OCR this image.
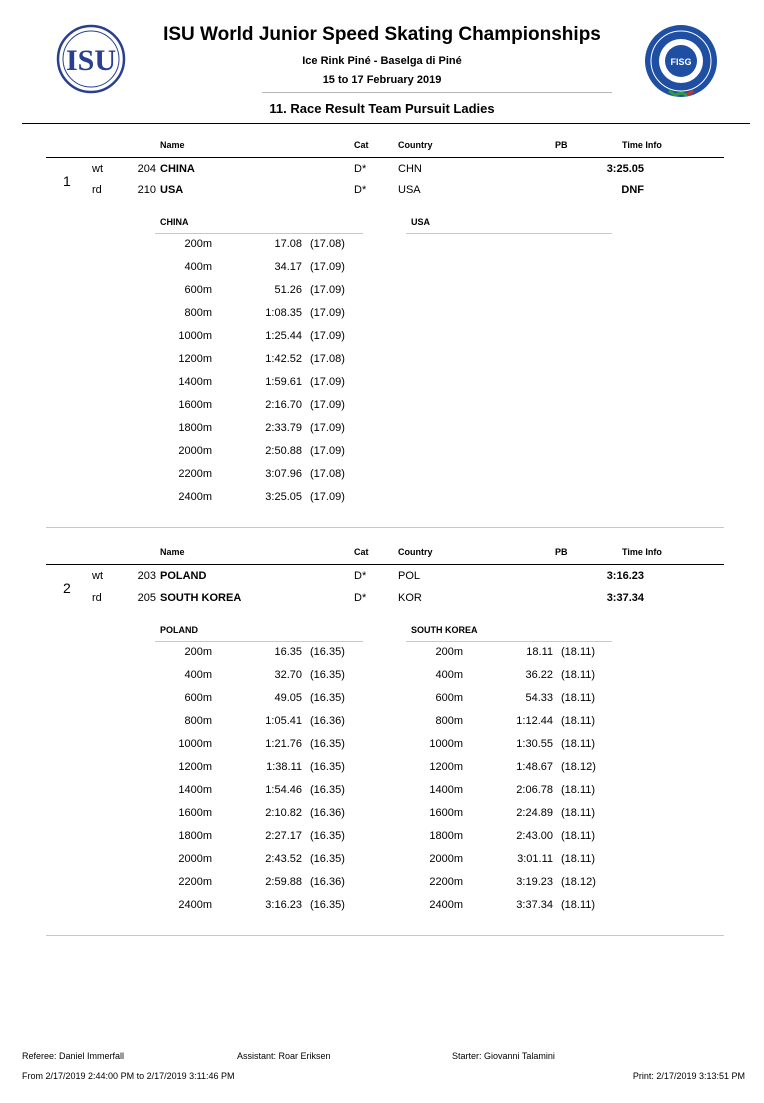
ISU	FISG
ISU World Junior Speed Skating Championships
Ice Rink Piné - Baselga di Piné
15 to 17 February 2019
11. Race Result Team Pursuit Ladies
Name	Cat	Country	PB	Time Info
1
wt	204 CHINA	D*	CHN	3:25.05
rd	210 USA	D*	USA	DNF
CHINA	USA
200m	17.08 (17.08)
400m	34.17 (17.09)
600m	51.26 (17.09)
800m	1:08.35 (17.09)
1000m	1:25.44 (17.09)
1200m	1:42.52 (17.08)
1400m	1:59.61 (17.09)
1600m	2:16.70 (17.09)
1800m	2:33.79 (17.09)
2000m	2:50.88 (17.09)
2200m	3:07.96 (17.08)
2400m	3:25.05 (17.09)
Name	Cat	Country	PB	Time Info
2
wt	203 POLAND	D*	POL	3:16.23
rd	205 SOUTH KOREA	D*	KOR	3:37.34
POLAND	SOUTH KOREA
200m	16.35 (16.35)
400m	32.70 (16.35)
600m	49.05 (16.35)
800m	1:05.41 (16.36)
1000m	1:21.76 (16.35)
1200m	1:38.11 (16.35)
1400m	1:54.46 (16.35)
1600m	2:10.82 (16.36)
1800m	2:27.17 (16.35)
2000m	2:43.52 (16.35)
2200m	2:59.88 (16.36)
2400m	3:16.23 (16.35)
200m	18.11 (18.11)
400m	36.22 (18.11)
600m	54.33 (18.11)
800m	1:12.44 (18.11)
1000m	1:30.55 (18.11)
1200m	1:48.67 (18.12)
1400m	2:06.78 (18.11)
1600m	2:24.89 (18.11)
1800m	2:43.00 (18.11)
2000m	3:01.11 (18.11)
2200m	3:19.23 (18.12)
2400m	3:37.34 (18.11)
Referee: Daniel Immerfall	Assistant: Roar Eriksen	Starter: Giovanni Talamini
From 2/17/2019 2:44:00 PM to 2/17/2019 3:11:46 PM	Print: 2/17/2019 3:13:51 PM
